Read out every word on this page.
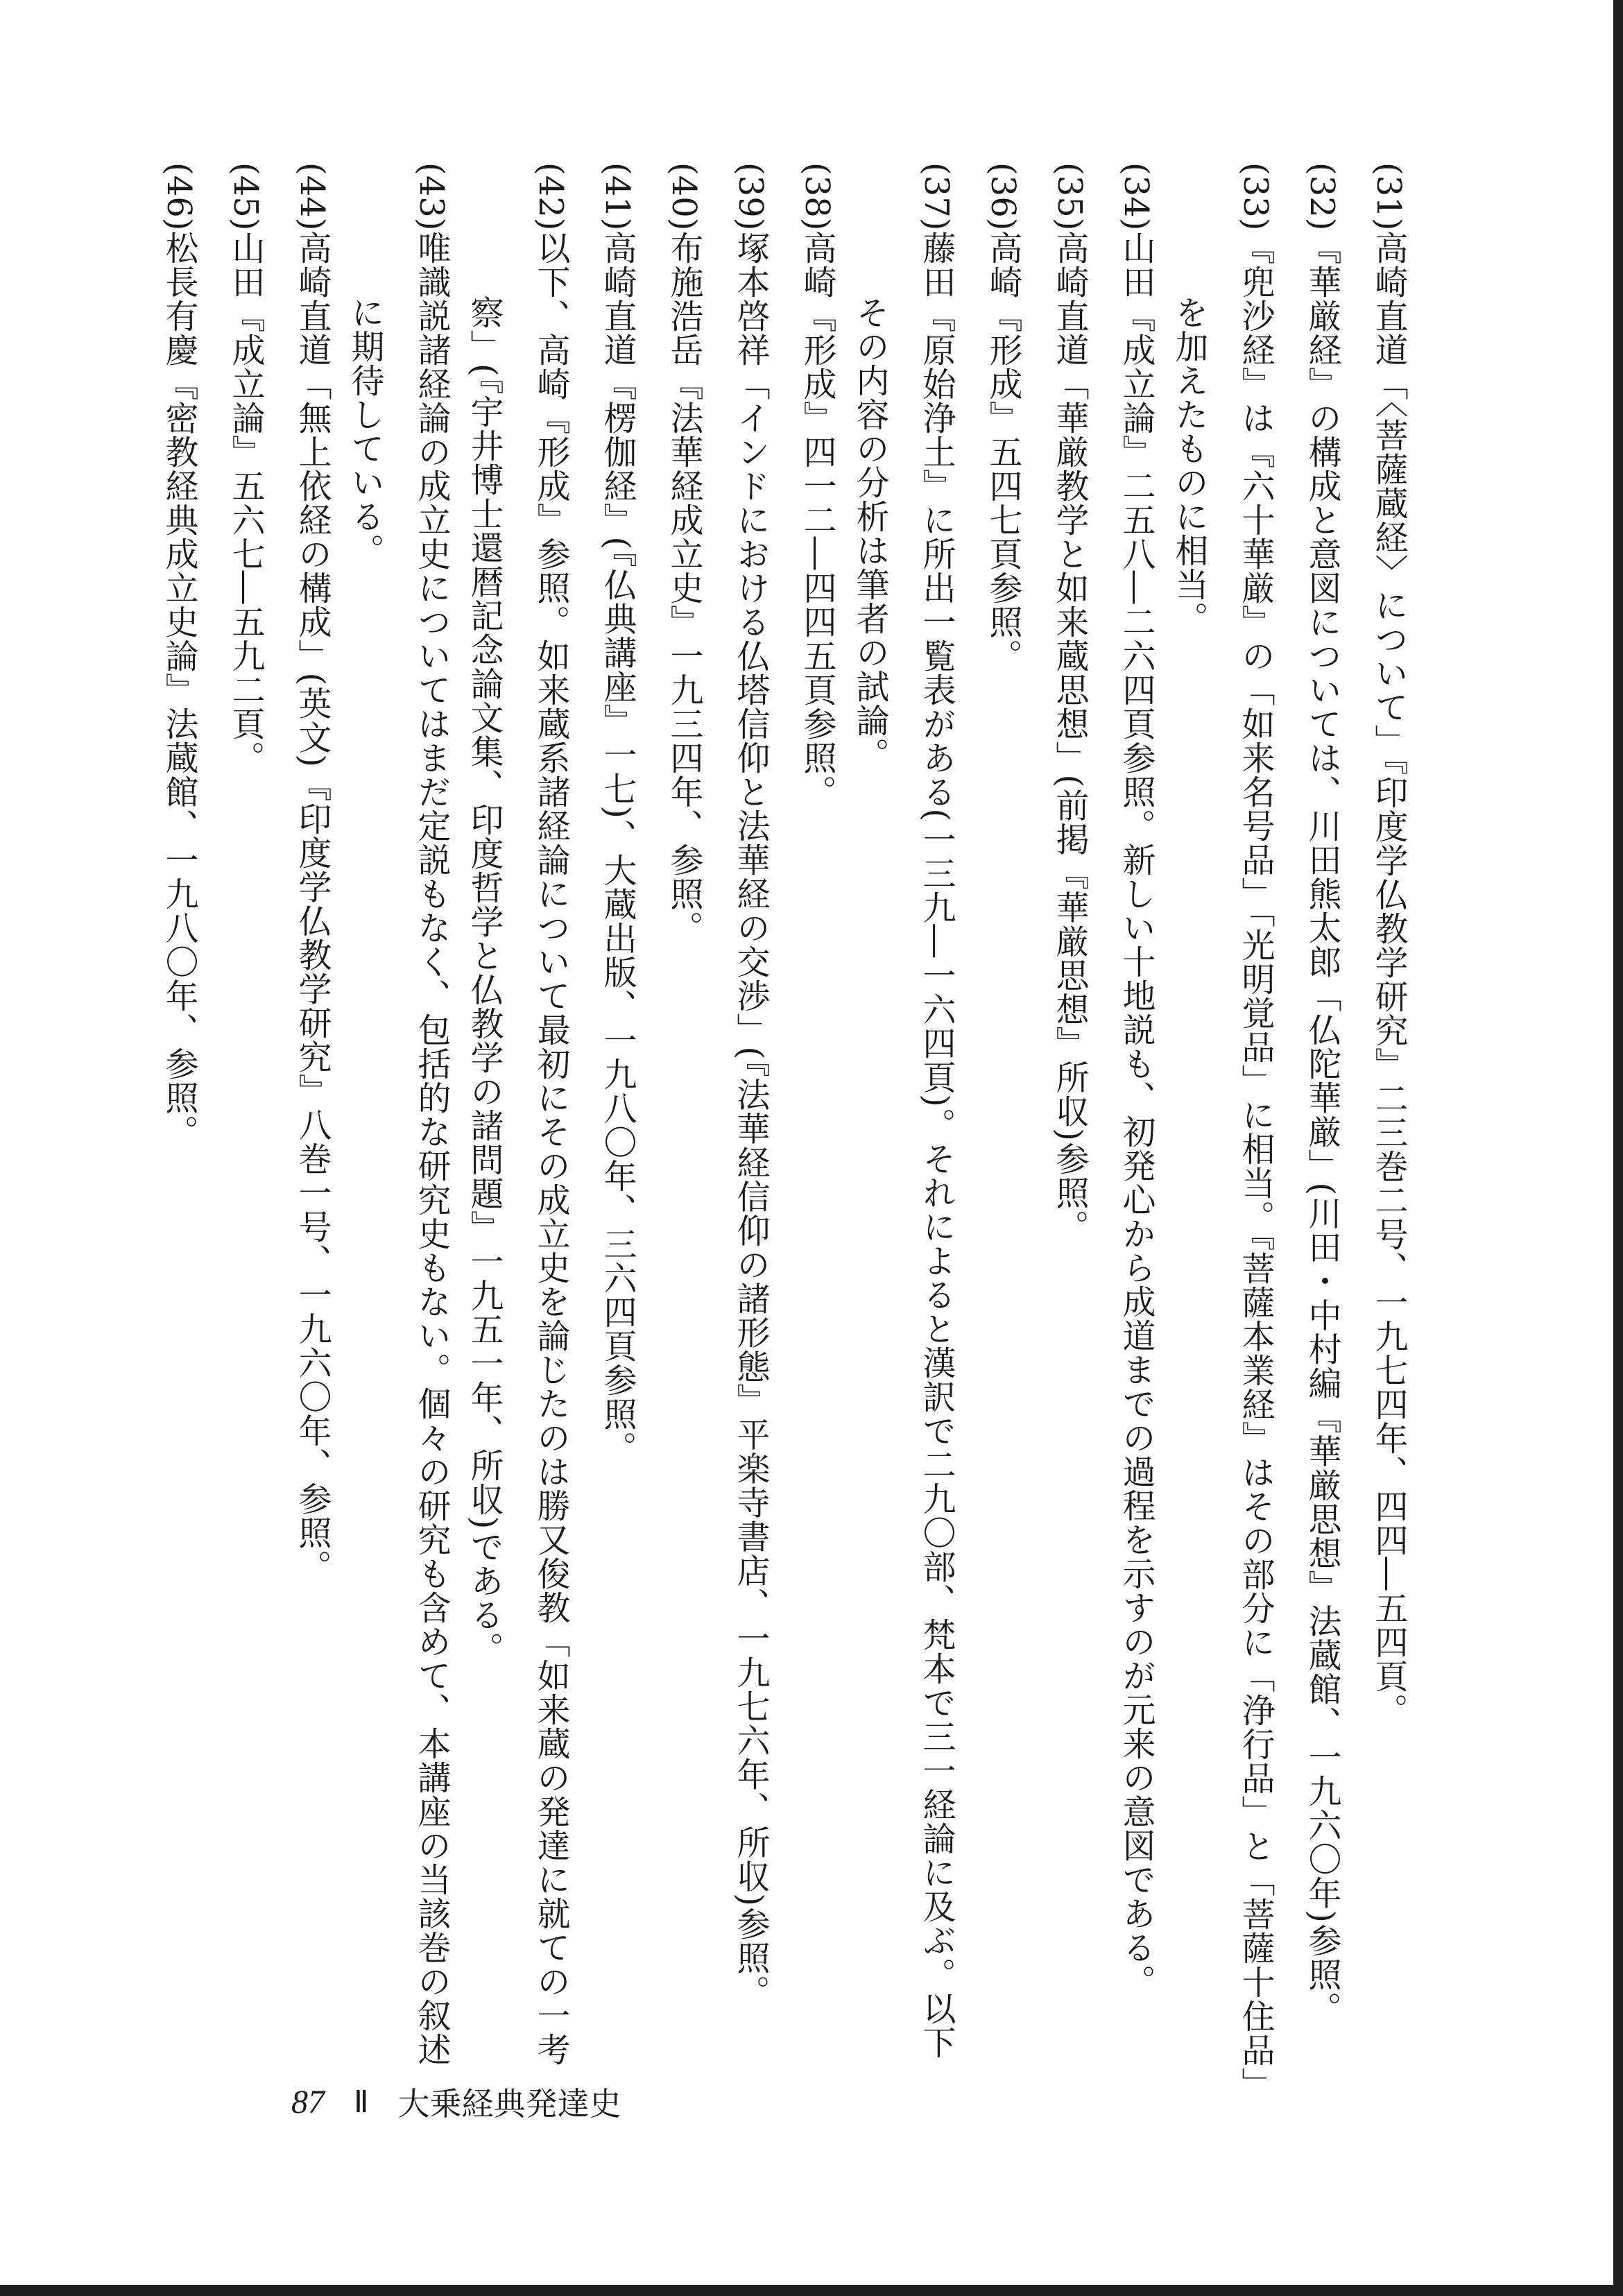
(31)高崎直道「〈菩薩蔵経〉について」『印度学仏教学研究』二三巻二号、一九七四年、四四―五四頁。

(32)『華厳経』の構成と意図については、川田熊太郎「仏陀華厳」(川田・中村編『華厳思想』法蔵館、一九六〇年)参照。

(33)『兜沙経』は『六十華厳』の「如来名号品」「光明覚品」に相当。『菩薩本業経』はその部分に「浄行品」と「菩薩十住品」を加えたものに相当。

(34)山田『成立論』二五八―二六四頁参照。新しい十地説も、初発心から成道までの過程を示すのが元来の意図である。

(35)高崎直道「華厳教学と如来蔵思想」(前掲『華厳思想』所収)参照。

(36)高崎『形成』五四七頁参照。

(37)藤田『原始浄土』に所出一覧表がある(一三九―一六四頁)。それによると漢訳で二九〇部、梵本で三一経論に及ぶ。以下その内容の分析は筆者の試論。

(38)高崎『形成』四一二―四四五頁参照。

(39)塚本啓祥「インドにおける仏塔信仰と法華経の交渉」(『法華経信仰の諸形態』平楽寺書店、一九七六年、所収)参照。

(40)布施浩岳『法華経成立史』一九三四年、参照。

(41)高崎直道『楞伽経』(『仏典講座』一七)、大蔵出版、一九八〇年、三六四頁参照。

(42)以下、高崎『形成』参照。如来蔵系諸経論について最初にその成立史を論じたのは勝又俊教「如来蔵の発達に就ての一考察」(『宇井博士還暦記念論文集、印度哲学と仏教学の諸問題』一九五一年、所収)である。

(43)唯識説諸経論の成立史についてはまだ定説もなく、包括的な研究史もない。個々の研究も含めて、本講座の当該巻の叙述に期待している。

(44)高崎直道「無上依経の構成」(英文)『印度学仏教学研究』八巻一号、一九六〇年、参照。

(45)山田『成立論』五六七―五九二頁。

(46)松長有慶『密教経典成立史論』法蔵館、一九八〇年、参照。

87 Ⅱ 大乗経典発達史
